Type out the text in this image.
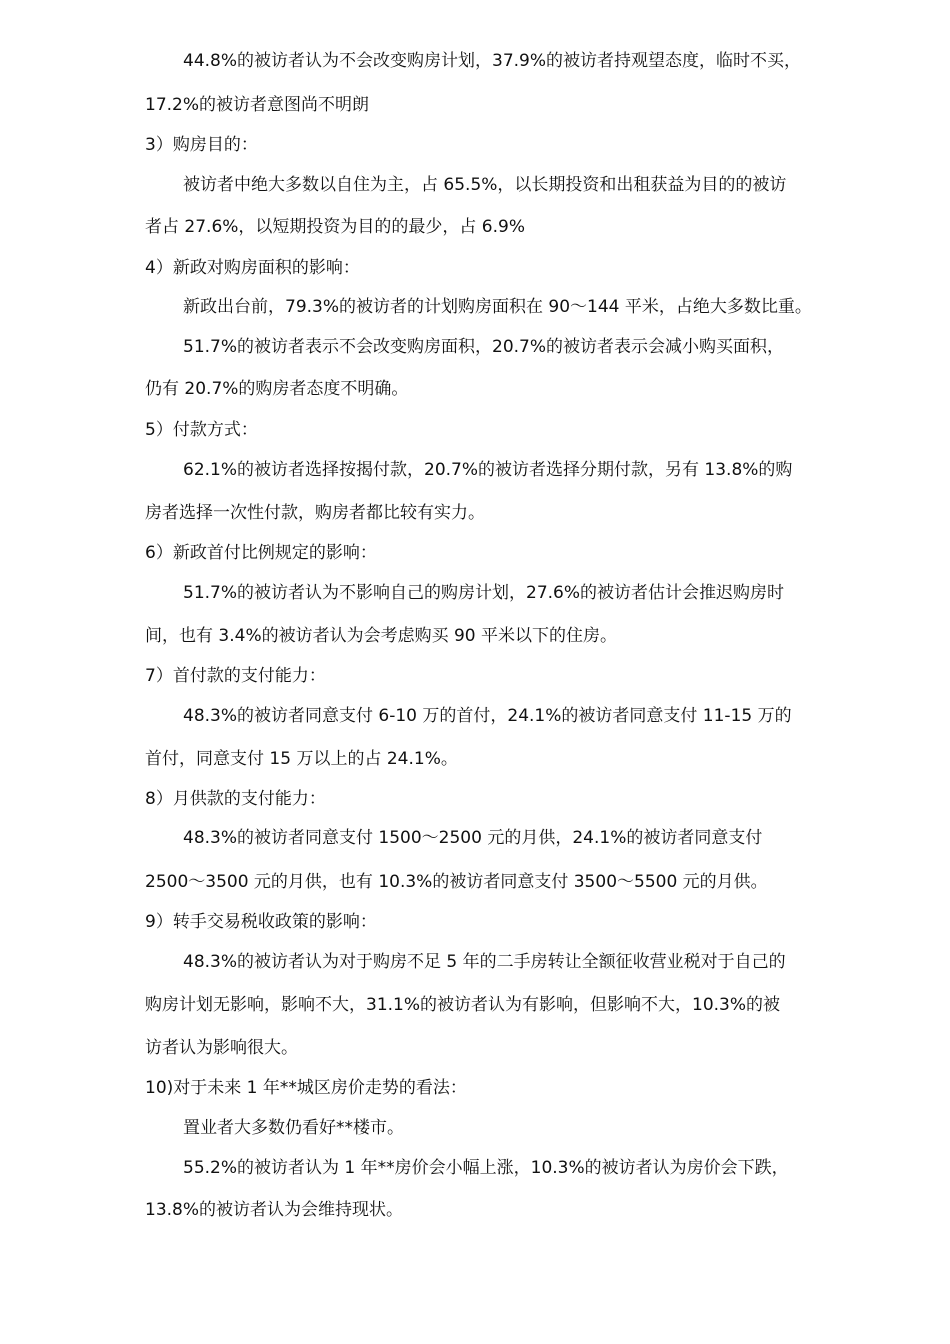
44.8%的被访者认为不会改变购房计划，37.9%的被访者持观望态度，临时不买，
17.2%的被访者意图尚不明朗
3）购房目的：
被访者中绝大多数以自住为主，占 65.5%，以长期投资和出租获益为目的的被访
者占 27.6%，以短期投资为目的的最少，占 6.9%
4）新政对购房面积的影响：
新政出台前，79.3%的被访者的计划购房面积在 90～144 平米，占绝大多数比重。
51.7%的被访者表示不会改变购房面积，20.7%的被访者表示会减小购买面积，
仍有 20.7%的购房者态度不明确。
5）付款方式：
62.1%的被访者选择按揭付款，20.7%的被访者选择分期付款，另有 13.8%的购
房者选择一次性付款，购房者都比较有实力。
6）新政首付比例规定的影响：
51.7%的被访者认为不影响自己的购房计划，27.6%的被访者估计会推迟购房时
间，也有 3.4%的被访者认为会考虑购买 90 平米以下的住房。
7）首付款的支付能力：
48.3%的被访者同意支付 6-10 万的首付，24.1%的被访者同意支付 11-15 万的
首付，同意支付 15 万以上的占 24.1%。
8）月供款的支付能力：
48.3%的被访者同意支付 1500～2500 元的月供，24.1%的被访者同意支付
2500～3500 元的月供，也有 10.3%的被访者同意支付 3500～5500 元的月供。
9）转手交易税收政策的影响：
48.3%的被访者认为对于购房不足 5 年的二手房转让全额征收营业税对于自己的
购房计划无影响，影响不大，31.1%的被访者认为有影响，但影响不大，10.3%的被
访者认为影响很大。
10)对于未来 1 年**城区房价走势的看法：
置业者大多数仍看好**楼市。
55.2%的被访者认为 1 年**房价会小幅上涨，10.3%的被访者认为房价会下跌，
13.8%的被访者认为会维持现状。
